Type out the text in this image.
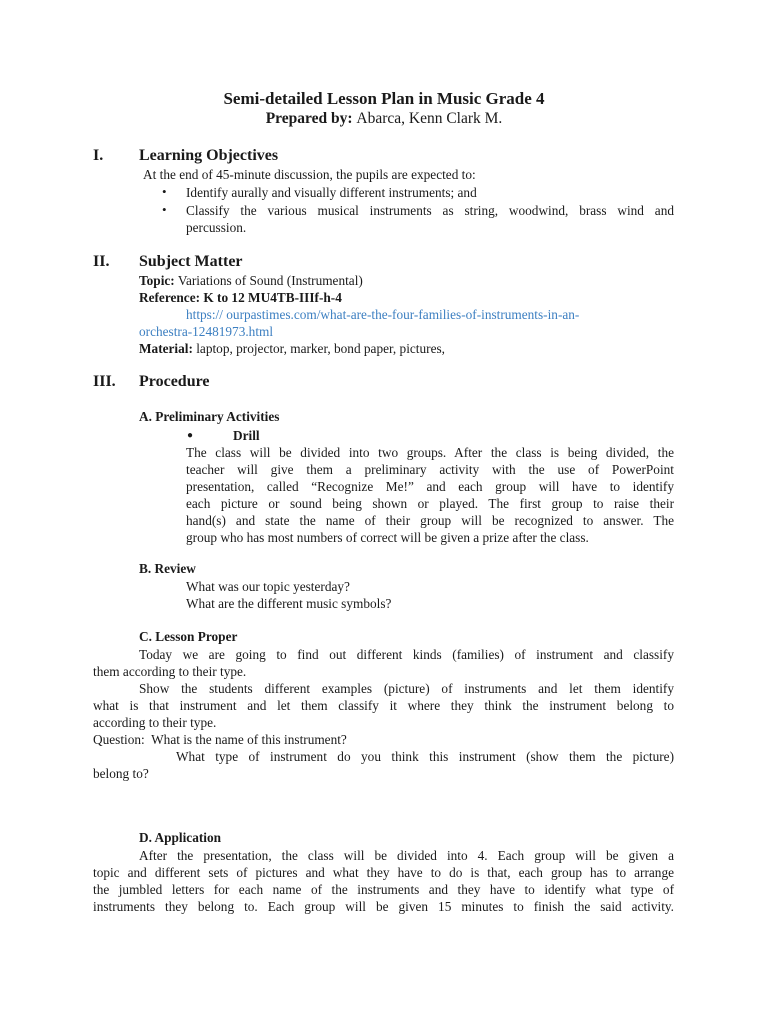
Semi-detailed Lesson Plan in Music Grade 4

Prepared by: Abarca, Kenn Clark M.

I. Learning Objectives

At the end of 45-minute discussion, the pupils are expected to:

• Identify aurally and visually different instruments; and

• Classify the various musical instruments as string, woodwind, brass wind and

percussion.

II. Subject Matter

Topic: Variations of Sound (Instrumental)

Reference: K to 12 MU4TB-IIIf-h-4

https:// ourpastimes.com/what-are-the-four-families-of-instruments-in-an-

orchestra-12481973.html

Material: laptop, projector, marker, bond paper, pictures,

III. Procedure

A. Preliminary Activities

●	Drill

The class will be divided into two groups. After the class is being divided, the
teacher will give them a preliminary activity with the use of PowerPoint
presentation, called “Recognize Me!” and each group will have to identify
each picture or sound being shown or played. The first group to raise their
hand(s) and state the name of their group will be recognized to answer. The
group who has most numbers of correct will be given a prize after the class.

B. Review

What was our topic yesterday?

What are the different music symbols?

C. Lesson Proper

Today we are going to find out different kinds (families) of instrument and classify
them according to their type.
Show the students different examples (picture) of instruments and let them identify
what is that instrument and let them classify it where they think the instrument belong to
according to their type.
Question:  What is the name of this instrument?
What type of instrument do you think this instrument (show them the picture)
belong to?

D. Application

After the presentation, the class will be divided into 4. Each group will be given a
topic and different sets of pictures and what they have to do is that, each group has to arrange
the jumbled letters for each name of the instruments and they have to identify what type of
instruments they belong to. Each group will be given 15 minutes to finish the said activity.
